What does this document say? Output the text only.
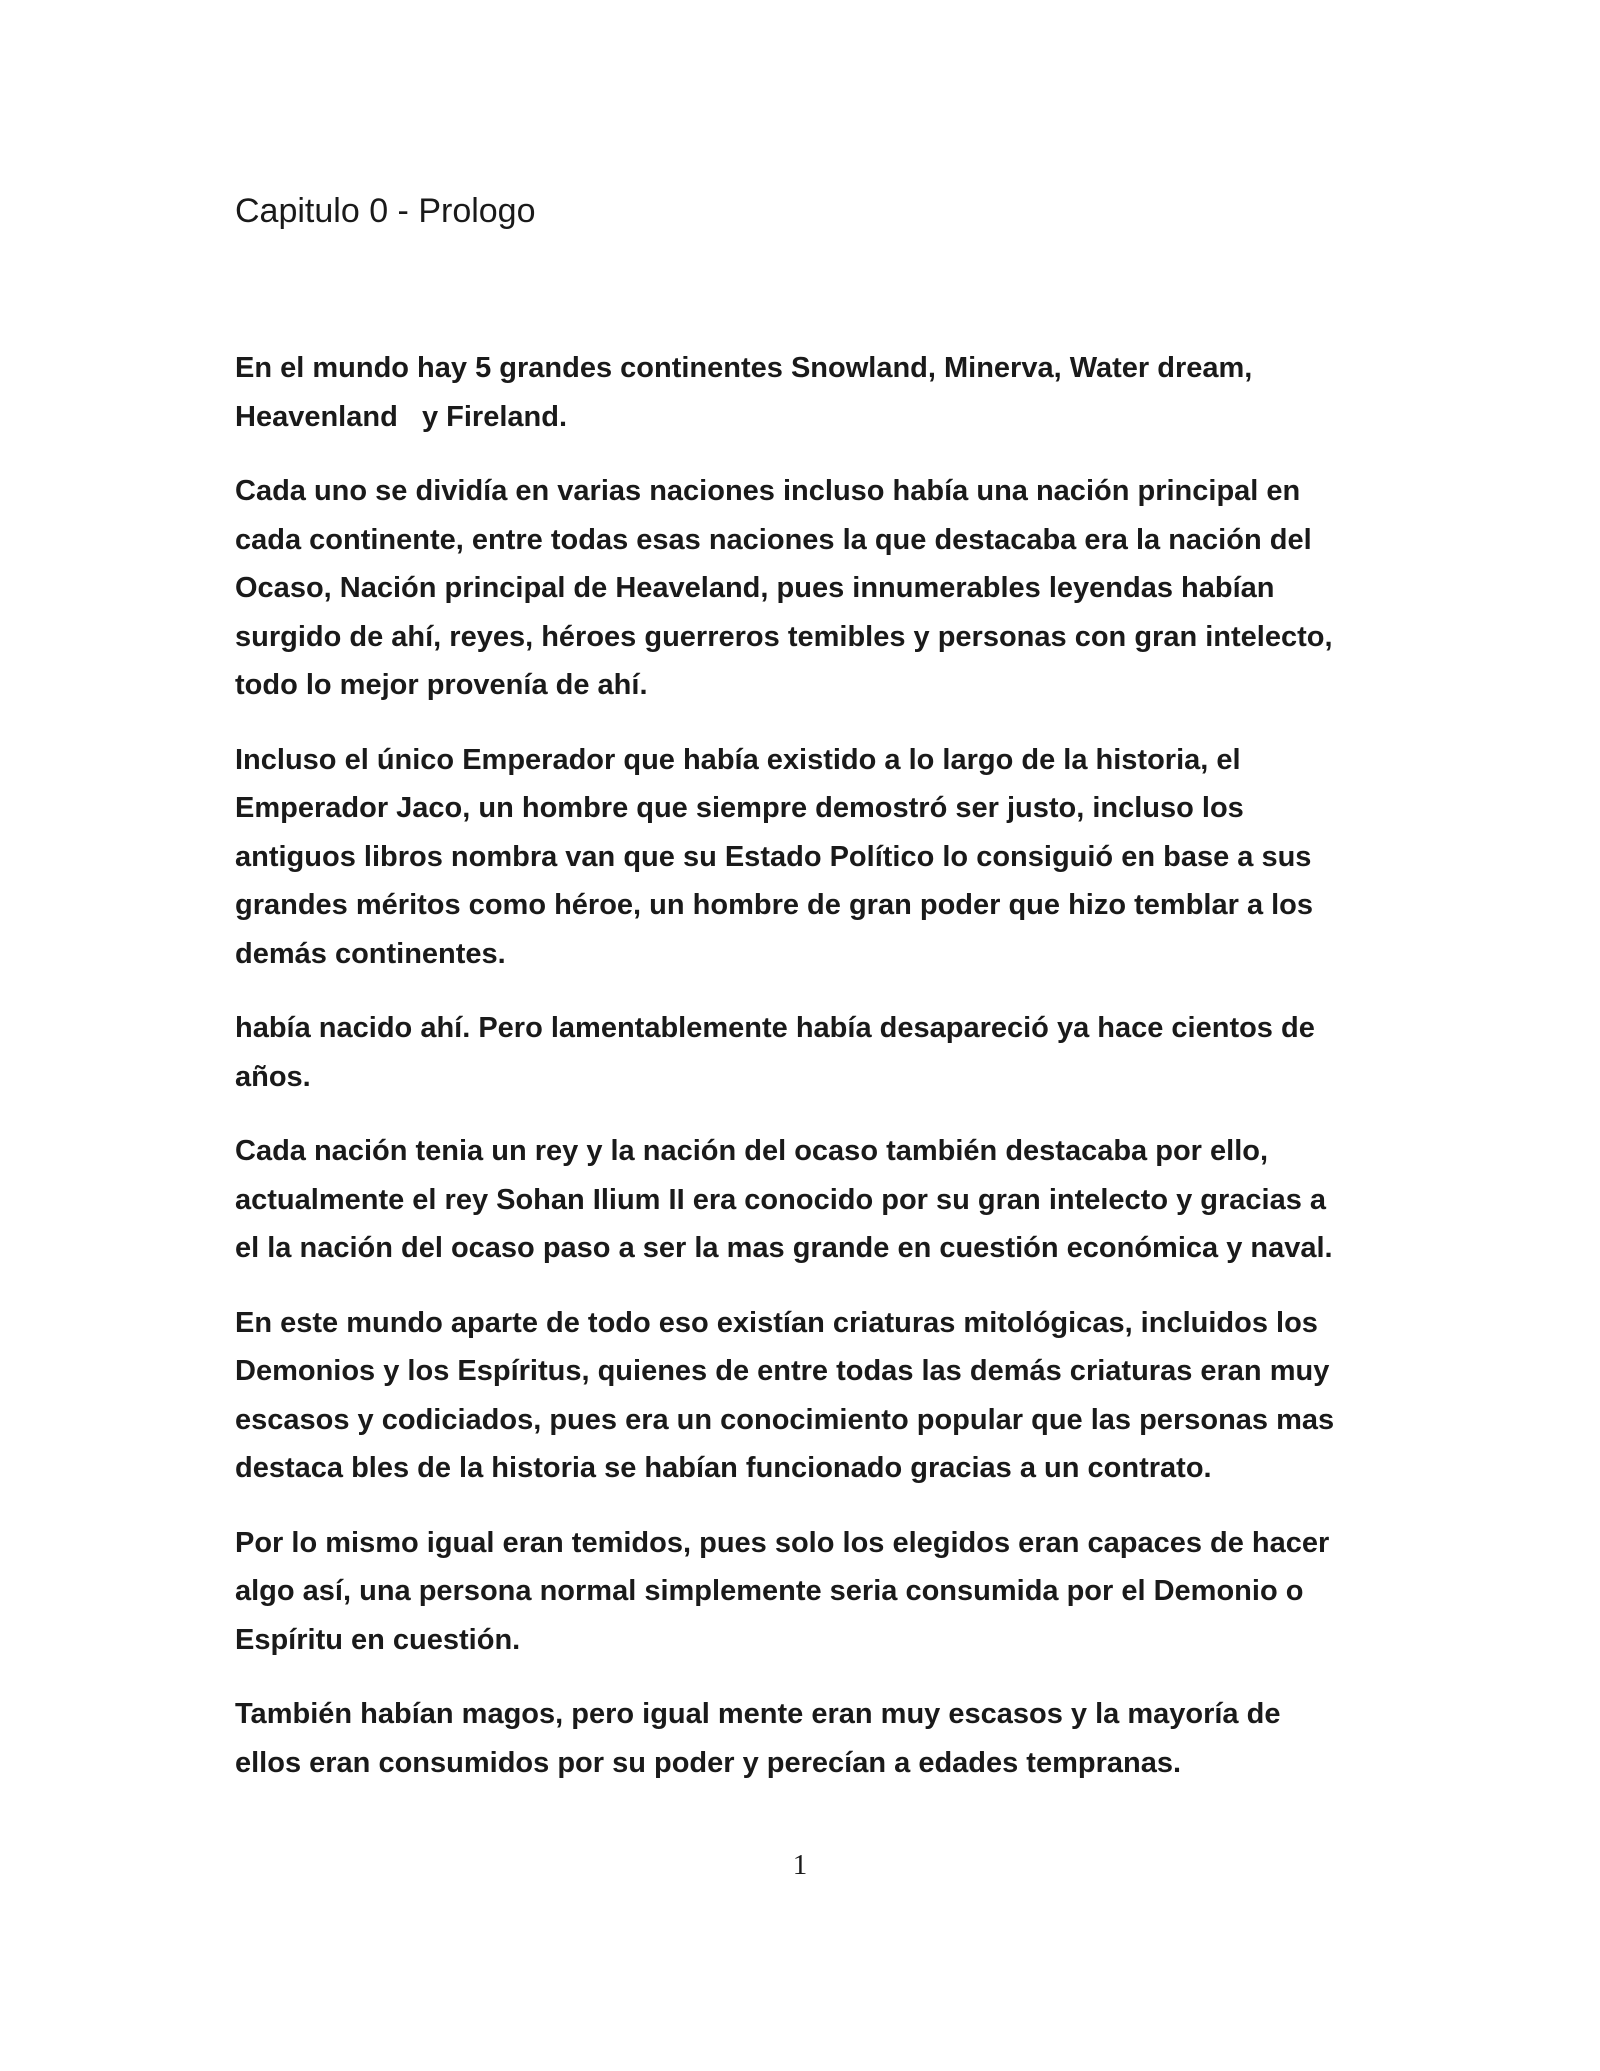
Capitulo 0 - Prologo

En el mundo hay 5 grandes continentes Snowland, Minerva, Water dream,
Heavenland   y Fireland.

Cada uno se dividía en varias naciones incluso había una nación principal en
cada continente, entre todas esas naciones la que destacaba era la nación del
Ocaso, Nación principal de Heaveland, pues innumerables leyendas habían
surgido de ahí, reyes, héroes guerreros temibles y personas con gran intelecto,
todo lo mejor provenía de ahí.

Incluso el único Emperador que había existido a lo largo de la historia, el
Emperador Jaco, un hombre que siempre demostró ser justo, incluso los
antiguos libros nombra van que su Estado Político lo consiguió en base a sus
grandes méritos como héroe, un hombre de gran poder que hizo temblar a los
demás continentes.

había nacido ahí. Pero lamentablemente había desapareció ya hace cientos de
años.

Cada nación tenia un rey y la nación del ocaso también destacaba por ello,
actualmente el rey Sohan Ilium II era conocido por su gran intelecto y gracias a
el la nación del ocaso paso a ser la mas grande en cuestión económica y naval.

En este mundo aparte de todo eso existían criaturas mitológicas, incluidos los
Demonios y los Espíritus, quienes de entre todas las demás criaturas eran muy
escasos y codiciados, pues era un conocimiento popular que las personas mas
destaca bles de la historia se habían funcionado gracias a un contrato.

Por lo mismo igual eran temidos, pues solo los elegidos eran capaces de hacer
algo así, una persona normal simplemente seria consumida por el Demonio o
Espíritu en cuestión.

También habían magos, pero igual mente eran muy escasos y la mayoría de
ellos eran consumidos por su poder y perecían a edades tempranas.

1
